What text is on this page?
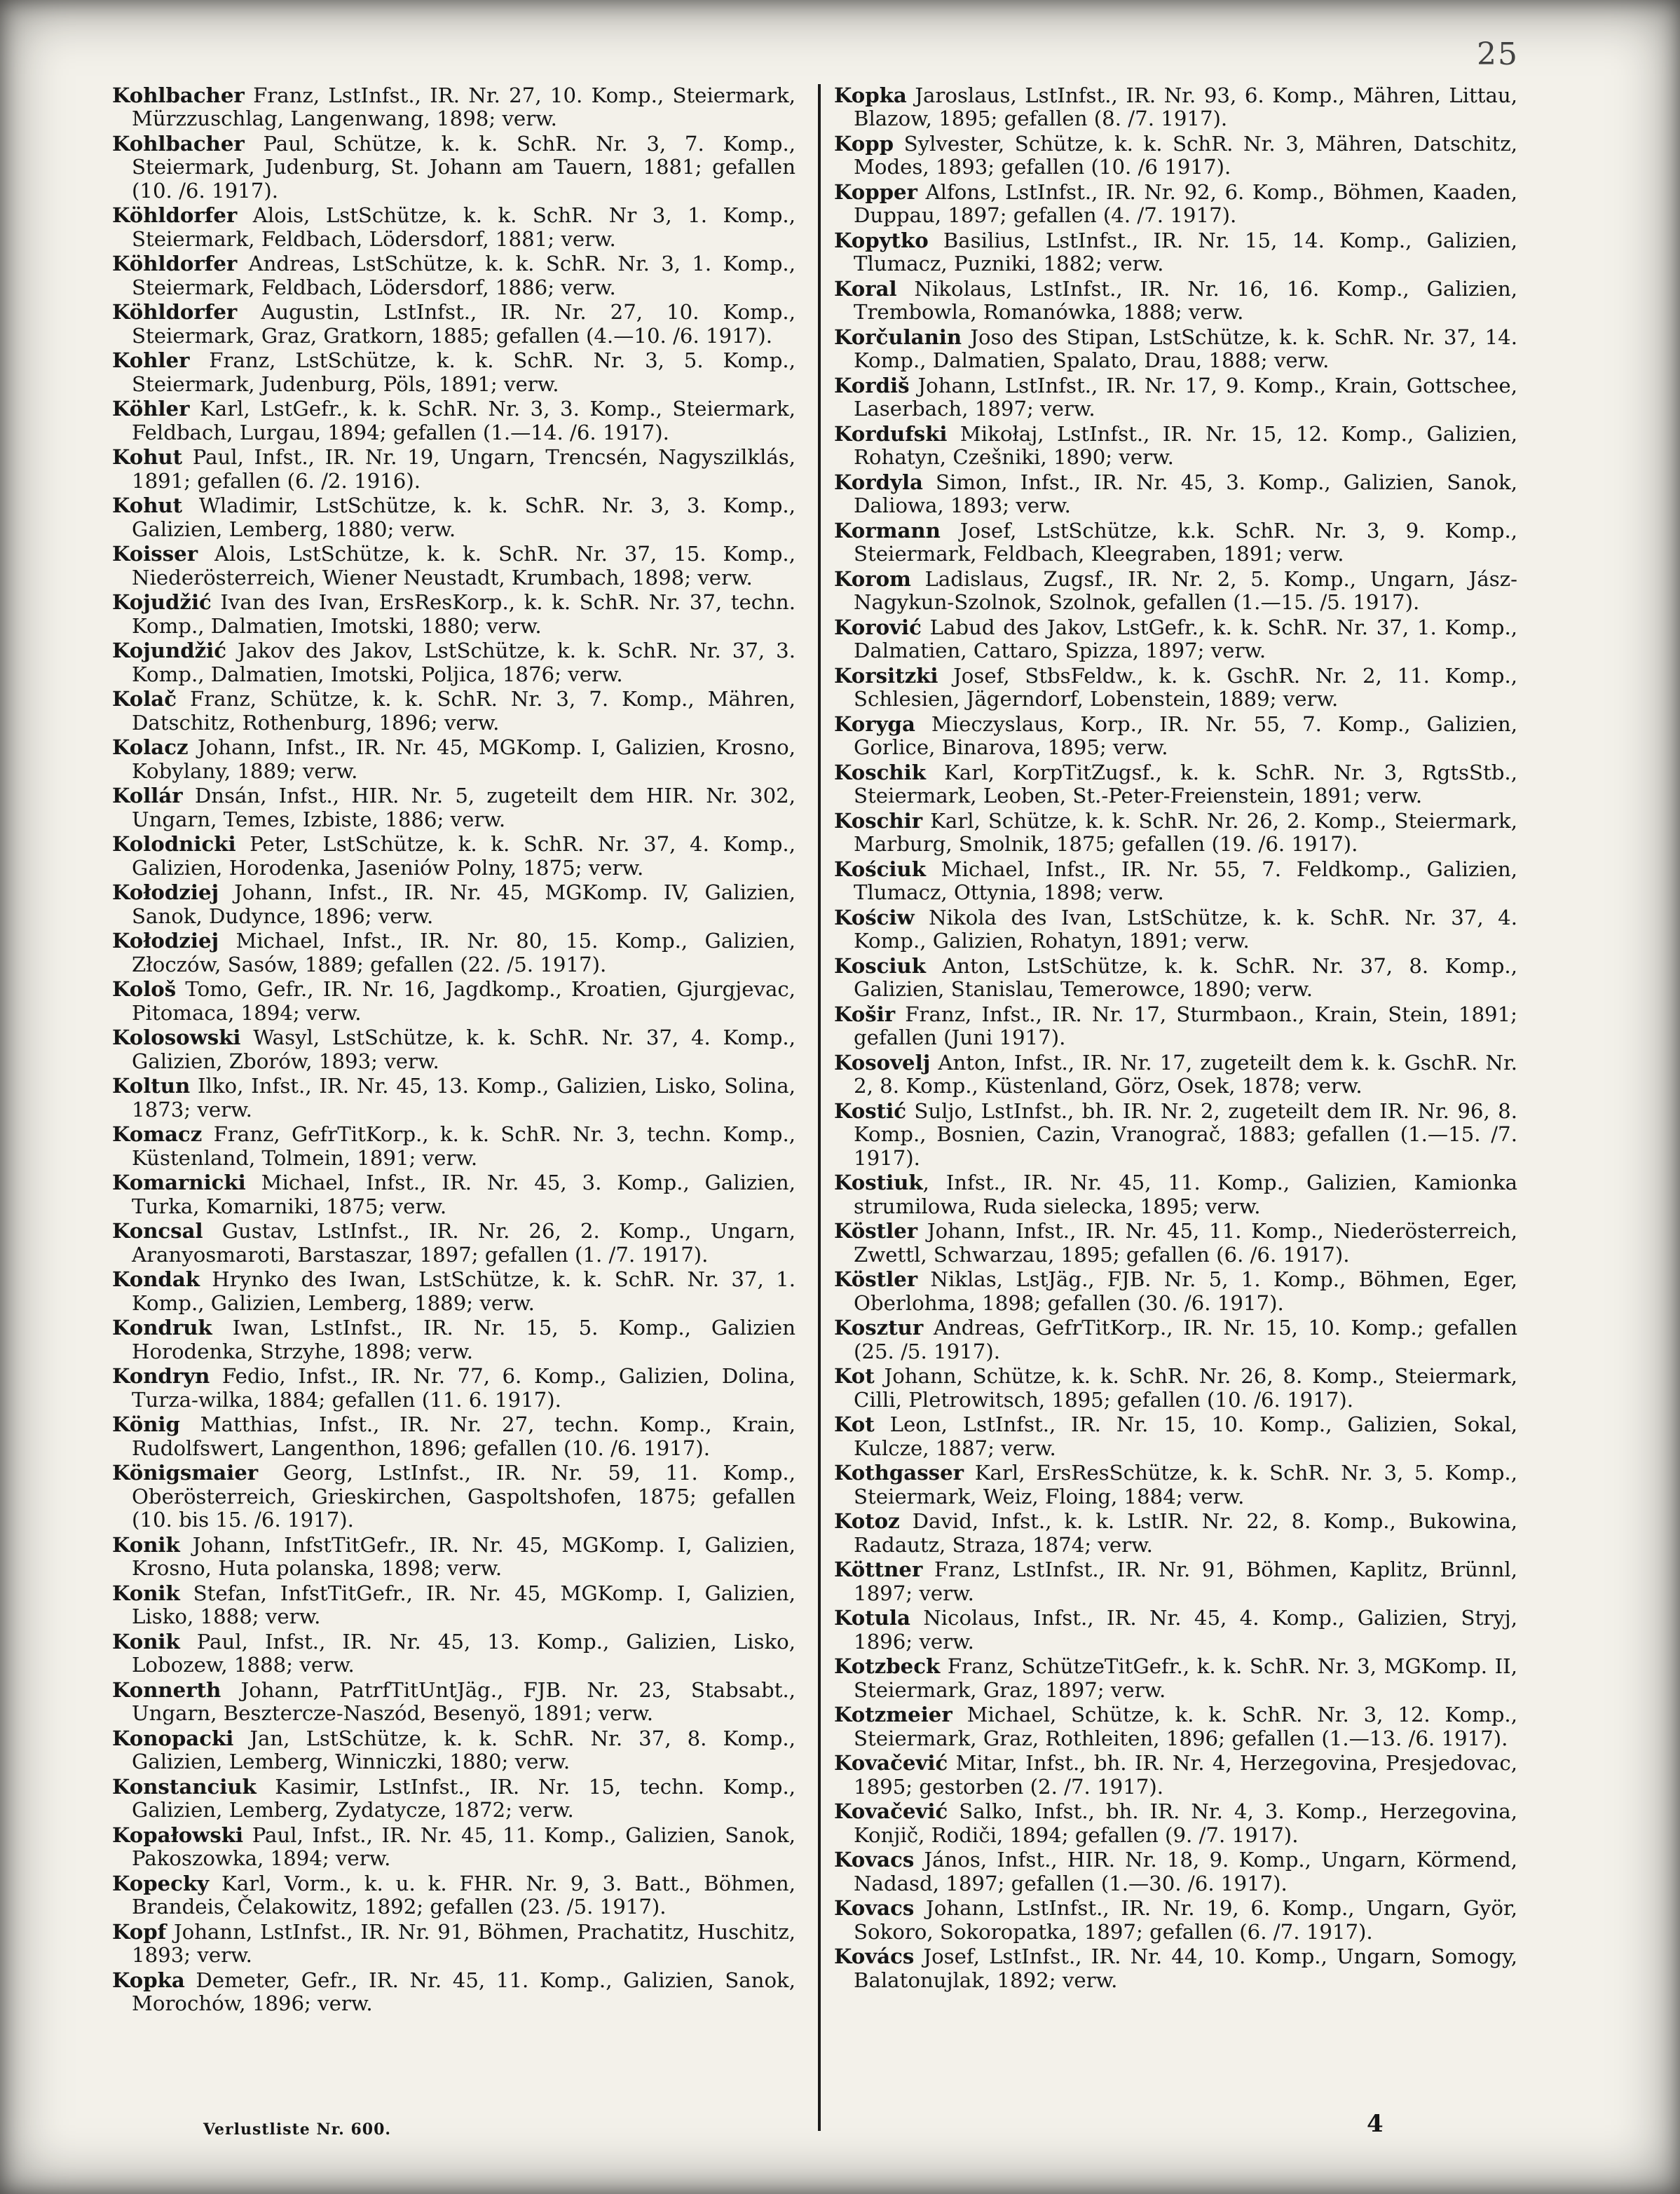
25

Kohlbacher Franz, LstInfst., IR. Nr. 27, 10. Komp., Steiermark, Mürzzuschlag, Langenwang, 1898; verw.

Kohlbacher Paul, Schütze, k. k. SchR. Nr. 3, 7. Komp., Steiermark, Judenburg, St. Johann am Tauern, 1881; gefallen (10. /6. 1917).

Köhldorfer Alois, LstSchütze, k. k. SchR. Nr 3, 1. Komp., Steiermark, Feldbach, Lödersdorf, 1881; verw.

Köhldorfer Andreas, LstSchütze, k. k. SchR. Nr. 3, 1. Komp., Steiermark, Feldbach, Lödersdorf, 1886; verw.

Köhldorfer Augustin, LstInfst., IR. Nr. 27, 10. Komp., Steiermark, Graz, Gratkorn, 1885; gefallen (4.—10. /6. 1917).

Kohler Franz, LstSchütze, k. k. SchR. Nr. 3, 5. Komp., Steiermark, Judenburg, Pöls, 1891; verw.

Köhler Karl, LstGefr., k. k. SchR. Nr. 3, 3. Komp., Steiermark, Feldbach, Lurgau, 1894; gefallen (1.—14. /6. 1917).

Kohut Paul, Infst., IR. Nr. 19, Ungarn, Trencsén, Nagyszilklás, 1891; gefallen (6. /2. 1916).

Kohut Wladimir, LstSchütze, k. k. SchR. Nr. 3, 3. Komp., Galizien, Lemberg, 1880; verw.

Koisser Alois, LstSchütze, k. k. SchR. Nr. 37, 15. Komp., Niederösterreich, Wiener Neustadt, Krumbach, 1898; verw.

Kojudžić Ivan des Ivan, ErsResKorp., k. k. SchR. Nr. 37, techn. Komp., Dalmatien, Imotski, 1880; verw.

Kojundžić Jakov des Jakov, LstSchütze, k. k. SchR. Nr. 37, 3. Komp., Dalmatien, Imotski, Poljica, 1876; verw.

Kolač Franz, Schütze, k. k. SchR. Nr. 3, 7. Komp., Mähren, Datschitz, Rothenburg, 1896; verw.

Kolacz Johann, Infst., IR. Nr. 45, MGKomp. I, Galizien, Krosno, Kobylany, 1889; verw.

Kollár Dnsán, Infst., HIR. Nr. 5, zugeteilt dem HIR. Nr. 302, Ungarn, Temes, Izbiste, 1886; verw.

Kolodnicki Peter, LstSchütze, k. k. SchR. Nr. 37, 4. Komp., Galizien, Horodenka, Jaseniów Polny, 1875; verw.

Kołodziej Johann, Infst., IR. Nr. 45, MGKomp. IV, Galizien, Sanok, Dudynce, 1896; verw.

Kołodziej Michael, Infst., IR. Nr. 80, 15. Komp., Galizien, Złoczów, Sasów, 1889; gefallen (22. /5. 1917).

Kološ Tomo, Gefr., IR. Nr. 16, Jagdkomp., Kroatien, Gjurgjevac, Pitomaca, 1894; verw.

Kolosowski Wasyl, LstSchütze, k. k. SchR. Nr. 37, 4. Komp., Galizien, Zborów, 1893; verw.

Koltun Ilko, Infst., IR. Nr. 45, 13. Komp., Galizien, Lisko, Solina, 1873; verw.

Komacz Franz, GefrTitKorp., k. k. SchR. Nr. 3, techn. Komp., Küstenland, Tolmein, 1891; verw.

Komarnicki Michael, Infst., IR. Nr. 45, 3. Komp., Galizien, Turka, Komarniki, 1875; verw.

Koncsal Gustav, LstInfst., IR. Nr. 26, 2. Komp., Ungarn, Aranyosmaroti, Barstaszar, 1897; gefallen (1. /7. 1917).

Kondak Hrynko des Iwan, LstSchütze, k. k. SchR. Nr. 37, 1. Komp., Galizien, Lemberg, 1889; verw.

Kondruk Iwan, LstInfst., IR. Nr. 15, 5. Komp., Galizien Horodenka, Strzyhe, 1898; verw.

Kondryn Fedio, Infst., IR. Nr. 77, 6. Komp., Galizien, Dolina, Turza-wilka, 1884; gefallen (11. 6. 1917).

König Matthias, Infst., IR. Nr. 27, techn. Komp., Krain, Rudolfswert, Langenthon, 1896; gefallen (10. /6. 1917).

Königsmaier Georg, LstInfst., IR. Nr. 59, 11. Komp., Oberösterreich, Grieskirchen, Gaspoltshofen, 1875; gefallen (10. bis 15. /6. 1917).

Konik Johann, InfstTitGefr., IR. Nr. 45, MGKomp. I, Galizien, Krosno, Huta polanska, 1898; verw.

Konik Stefan, InfstTitGefr., IR. Nr. 45, MGKomp. I, Galizien, Lisko, 1888; verw.

Konik Paul, Infst., IR. Nr. 45, 13. Komp., Galizien, Lisko, Lobozew, 1888; verw.

Konnerth Johann, PatrfTitUntJäg., FJB. Nr. 23, Stabsabt., Ungarn, Besztercze-Naszód, Besenyö, 1891; verw.

Konopacki Jan, LstSchütze, k. k. SchR. Nr. 37, 8. Komp., Galizien, Lemberg, Winniczki, 1880; verw.

Konstanciuk Kasimir, LstInfst., IR. Nr. 15, techn. Komp., Galizien, Lemberg, Zydatycze, 1872; verw.

Kopałowski Paul, Infst., IR. Nr. 45, 11. Komp., Galizien, Sanok, Pakoszowka, 1894; verw.

Kopecky Karl, Vorm., k. u. k. FHR. Nr. 9, 3. Batt., Böhmen, Brandeis, Čelakowitz, 1892; gefallen (23. /5. 1917).

Kopf Johann, LstInfst., IR. Nr. 91, Böhmen, Prachatitz, Huschitz, 1893; verw.

Kopka Demeter, Gefr., IR. Nr. 45, 11. Komp., Galizien, Sanok, Morochów, 1896; verw.

Kopka Jaroslaus, LstInfst., IR. Nr. 93, 6. Komp., Mähren, Littau, Blazow, 1895; gefallen (8. /7. 1917).

Kopp Sylvester, Schütze, k. k. SchR. Nr. 3, Mähren, Datschitz, Modes, 1893; gefallen (10. /6 1917).

Kopper Alfons, LstInfst., IR. Nr. 92, 6. Komp., Böhmen, Kaaden, Duppau, 1897; gefallen (4. /7. 1917).

Kopytko Basilius, LstInfst., IR. Nr. 15, 14. Komp., Galizien, Tlumacz, Puzniki, 1882; verw.

Koral Nikolaus, LstInfst., IR. Nr. 16, 16. Komp., Galizien, Trembowla, Romanówka, 1888; verw.

Korčulanin Joso des Stipan, LstSchütze, k. k. SchR. Nr. 37, 14. Komp., Dalmatien, Spalato, Drau, 1888; verw.

Kordiš Johann, LstInfst., IR. Nr. 17, 9. Komp., Krain, Gottschee, Laserbach, 1897; verw.

Kordufski Mikołaj, LstInfst., IR. Nr. 15, 12. Komp., Galizien, Rohatyn, Czešniki, 1890; verw.

Kordyla Simon, Infst., IR. Nr. 45, 3. Komp., Galizien, Sanok, Daliowa, 1893; verw.

Kormann Josef, LstSchütze, k.k. SchR. Nr. 3, 9. Komp., Steiermark, Feldbach, Kleegraben, 1891; verw.

Korom Ladislaus, Zugsf., IR. Nr. 2, 5. Komp., Ungarn, Jász-Nagykun-Szolnok, Szolnok, gefallen (1.—15. /5. 1917).

Korović Labud des Jakov, LstGefr., k. k. SchR. Nr. 37, 1. Komp., Dalmatien, Cattaro, Spizza, 1897; verw.

Korsitzki Josef, StbsFeldw., k. k. GschR. Nr. 2, 11. Komp., Schlesien, Jägerndorf, Lobenstein, 1889; verw.

Koryga Mieczyslaus, Korp., IR. Nr. 55, 7. Komp., Galizien, Gorlice, Binarova, 1895; verw.

Koschik Karl, KorpTitZugsf., k. k. SchR. Nr. 3, RgtsStb., Steiermark, Leoben, St.-Peter-Freienstein, 1891; verw.

Koschir Karl, Schütze, k. k. SchR. Nr. 26, 2. Komp., Steiermark, Marburg, Smolnik, 1875; gefallen (19. /6. 1917).

Kościuk Michael, Infst., IR. Nr. 55, 7. Feldkomp., Galizien, Tlumacz, Ottynia, 1898; verw.

Kościw Nikola des Ivan, LstSchütze, k. k. SchR. Nr. 37, 4. Komp., Galizien, Rohatyn, 1891; verw.

Kosciuk Anton, LstSchütze, k. k. SchR. Nr. 37, 8. Komp., Galizien, Stanislau, Temerowce, 1890; verw.

Košir Franz, Infst., IR. Nr. 17, Sturmbaon., Krain, Stein, 1891; gefallen (Juni 1917).

Kosovelj Anton, Infst., IR. Nr. 17, zugeteilt dem k. k. GschR. Nr. 2, 8. Komp., Küstenland, Görz, Osek, 1878; verw.

Kostić Suljo, LstInfst., bh. IR. Nr. 2, zugeteilt dem IR. Nr. 96, 8. Komp., Bosnien, Cazin, Vranograč, 1883; gefallen (1.—15. /7. 1917).

Kostiuk, Infst., IR. Nr. 45, 11. Komp., Galizien, Kamionka strumilowa, Ruda sielecka, 1895; verw.

Köstler Johann, Infst., IR. Nr. 45, 11. Komp., Niederösterreich, Zwettl, Schwarzau, 1895; gefallen (6. /6. 1917).

Köstler Niklas, LstJäg., FJB. Nr. 5, 1. Komp., Böhmen, Eger, Oberlohma, 1898; gefallen (30. /6. 1917).

Kosztur Andreas, GefrTitKorp., IR. Nr. 15, 10. Komp.; gefallen (25. /5. 1917).

Kot Johann, Schütze, k. k. SchR. Nr. 26, 8. Komp., Steiermark, Cilli, Pletrowitsch, 1895; gefallen (10. /6. 1917).

Kot Leon, LstInfst., IR. Nr. 15, 10. Komp., Galizien, Sokal, Kulcze, 1887; verw.

Kothgasser Karl, ErsResSchütze, k. k. SchR. Nr. 3, 5. Komp., Steiermark, Weiz, Floing, 1884; verw.

Kotoz David, Infst., k. k. LstIR. Nr. 22, 8. Komp., Bukowina, Radautz, Straza, 1874; verw.

Köttner Franz, LstInfst., IR. Nr. 91, Böhmen, Kaplitz, Brünnl, 1897; verw.

Kotula Nicolaus, Infst., IR. Nr. 45, 4. Komp., Galizien, Stryj, 1896; verw.

Kotzbeck Franz, SchützeTitGefr., k. k. SchR. Nr. 3, MGKomp. II, Steiermark, Graz, 1897; verw.

Kotzmeier Michael, Schütze, k. k. SchR. Nr. 3, 12. Komp., Steiermark, Graz, Rothleiten, 1896; gefallen (1.—13. /6. 1917).

Kovačević Mitar, Infst., bh. IR. Nr. 4, Herzegovina, Presjedovac, 1895; gestorben (2. /7. 1917).

Kovačević Salko, Infst., bh. IR. Nr. 4, 3. Komp., Herzegovina, Konjič, Rodiči, 1894; gefallen (9. /7. 1917).

Kovacs János, Infst., HIR. Nr. 18, 9. Komp., Ungarn, Körmend, Nadasd, 1897; gefallen (1.—30. /6. 1917).

Kovacs Johann, LstInfst., IR. Nr. 19, 6. Komp., Ungarn, Györ, Sokoro, Sokoropatka, 1897; gefallen (6. /7. 1917).

Kovács Josef, LstInfst., IR. Nr. 44, 10. Komp., Ungarn, Somogy, Balatonujlak, 1892; verw.

Verlustliste Nr. 600.	4
